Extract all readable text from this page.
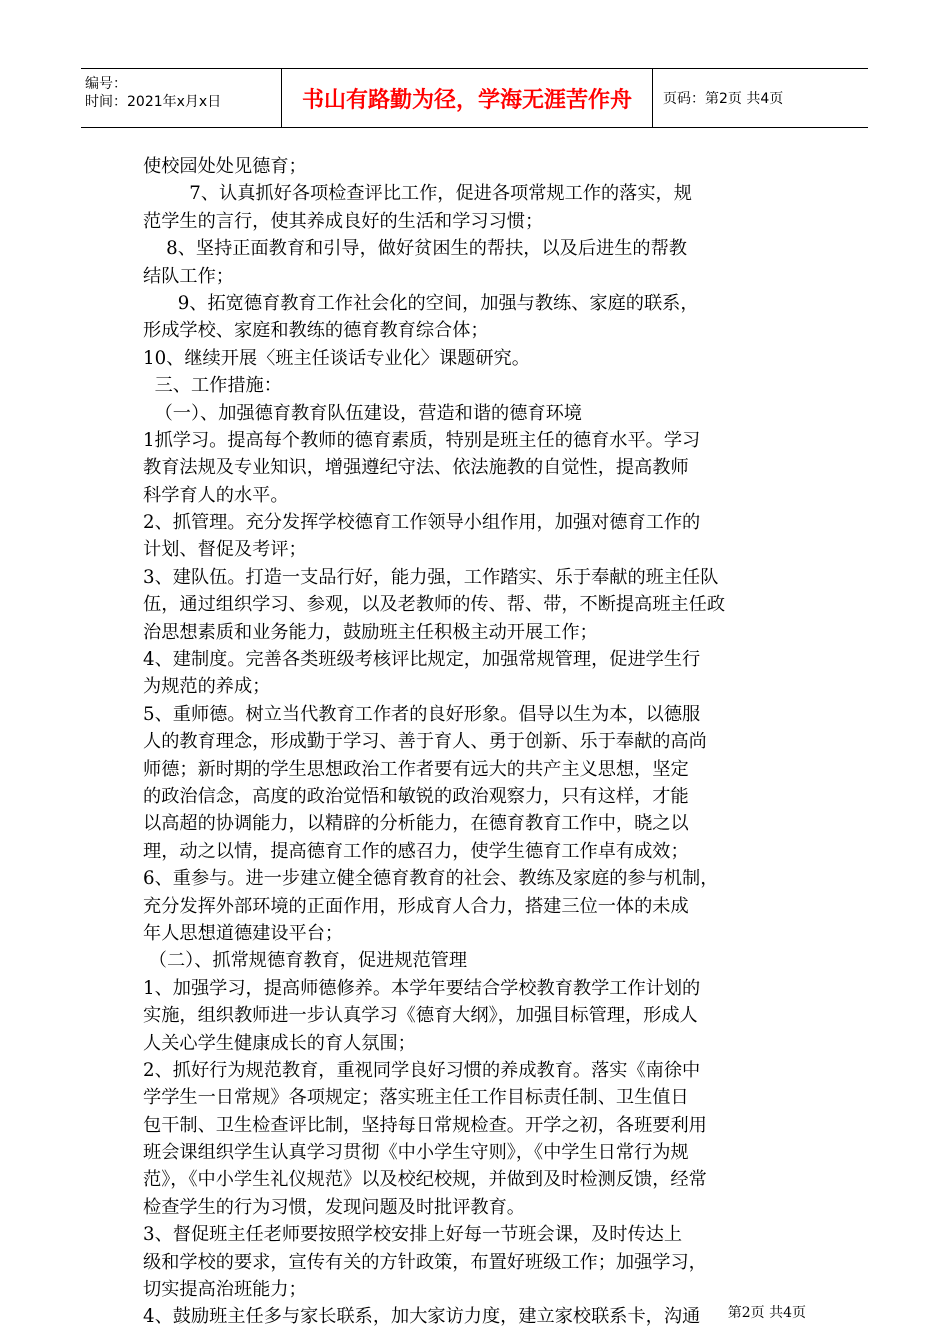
编号：
时间：2021年x月x日	书山有路勤为径，学海无涯苦作舟	页码：第2页 共4页
使校园处处见德育；
7、认真抓好各项检查评比工作，促进各项常规工作的落实，规
范学生的言行，使其养成良好的生活和学习习惯；
8、坚持正面教育和引导，做好贫困生的帮扶，以及后进生的帮教
结队工作；
9、拓宽德育教育工作社会化的空间，加强与教练、家庭的联系，
形成学校、家庭和教练的德育教育综合体；
10、继续开展〈班主任谈话专业化〉课题研究。
三、工作措施：
（一）、加强德育教育队伍建设，营造和谐的德育环境
1抓学习。提高每个教师的德育素质，特别是班主任的德育水平。学习
教育法规及专业知识，增强遵纪守法、依法施教的自觉性，提高教师
科学育人的水平。
2、抓管理。充分发挥学校德育工作领导小组作用，加强对德育工作的
计划、督促及考评；
3、建队伍。打造一支品行好，能力强，工作踏实、乐于奉献的班主任队
伍，通过组织学习、参观，以及老教师的传、帮、带，不断提高班主任政
治思想素质和业务能力，鼓励班主任积极主动开展工作；
4、建制度。完善各类班级考核评比规定，加强常规管理，促进学生行
为规范的养成；
5、重师德。树立当代教育工作者的良好形象。倡导以生为本，以德服
人的教育理念，形成勤于学习、善于育人、勇于创新、乐于奉献的高尚
师德；新时期的学生思想政治工作者要有远大的共产主义思想，坚定
的政治信念，高度的政治觉悟和敏锐的政治观察力，只有这样，才能
以高超的协调能力，以精辟的分析能力，在德育教育工作中，晓之以
理，动之以情，提高德育工作的感召力，使学生德育工作卓有成效；
6、重参与。进一步建立健全德育教育的社会、教练及家庭的参与机制，
充分发挥外部环境的正面作用，形成育人合力，搭建三位一体的未成
年人思想道德建设平台；
（二）、抓常规德育教育，促进规范管理
1、加强学习，提高师德修养。本学年要结合学校教育教学工作计划的
实施，组织教师进一步认真学习《德育大纲》，加强目标管理，形成人
人关心学生健康成长的育人氛围；
2、抓好行为规范教育，重视同学良好习惯的养成教育。落实《南徐中
学学生一日常规》各项规定；落实班主任工作目标责任制、卫生值日
包干制、卫生检查评比制，坚持每日常规检查。开学之初，各班要利用
班会课组织学生认真学习贯彻《中小学生守则》，《中学生日常行为规
范》，《中小学生礼仪规范》以及校纪校规，并做到及时检测反馈，经常
检查学生的行为习惯，发现问题及时批评教育。
3、督促班主任老师要按照学校安排上好每一节班会课，及时传达上
级和学校的要求，宣传有关的方针政策，布置好班级工作；加强学习，
切实提高治班能力；
4、鼓励班主任多与家长联系，加大家访力度，建立家校联系卡，沟通	第2页 共4页
